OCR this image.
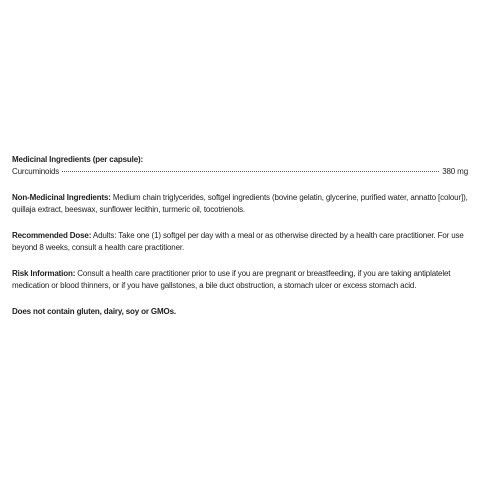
Medicinal Ingredients (per capsule):

Curcuminoids	380 mg

Non-Medicinal Ingredients: Medium chain triglycerides, softgel ingredients (bovine gelatin, glycerine, purified water, annatto [colour]), quillaja extract, beeswax, sunflower lecithin, turmeric oil, tocotrienols.

Recommended Dose: Adults: Take one (1) softgel per day with a meal or as otherwise directed by a health care practitioner. For use beyond 8 weeks, consult a health care practitioner.

Risk Information: Consult a health care practitioner prior to use if you are pregnant or breastfeeding, if you are taking antiplatelet medication or blood thinners, or if you have gallstones, a bile duct obstruction, a stomach ulcer or excess stomach acid.

Does not contain gluten, dairy, soy or GMOs.
